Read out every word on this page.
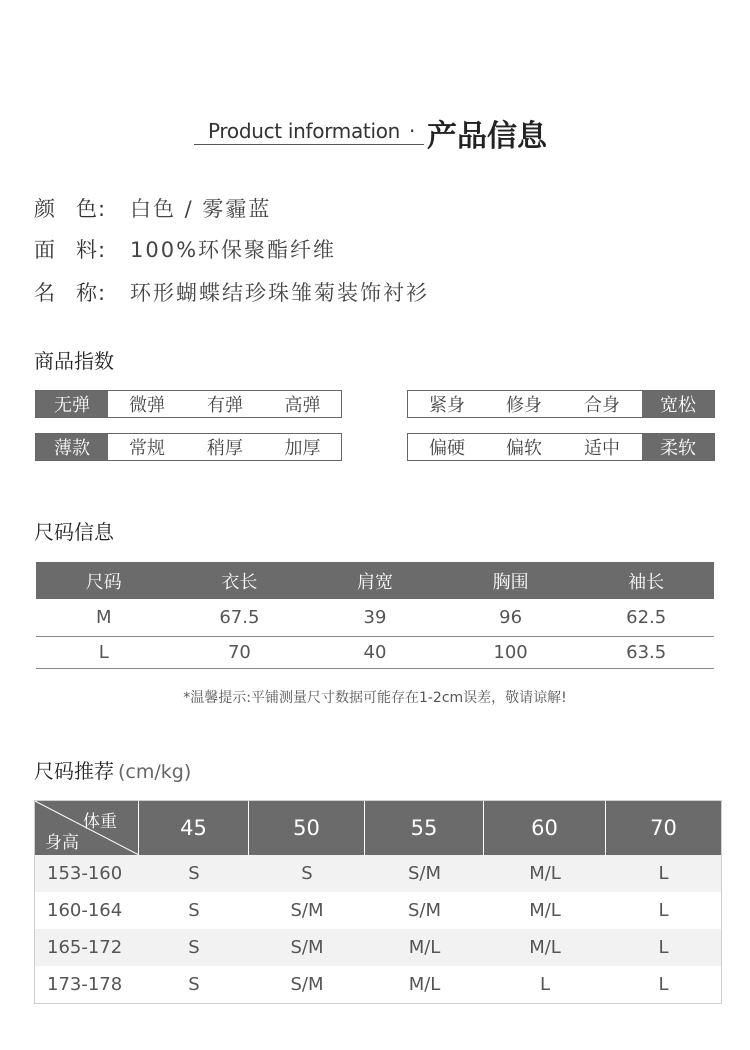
Product information · 产品信息
颜　色: 白色 / 雾霾蓝
面　料: 100%环保聚酯纤维
名　称: 环形蝴蝶结珍珠雏菊装饰衬衫
商品指数
无弹	微弹	有弹	高弹	紧身	修身	合身	宽松
薄款	常规	稍厚	加厚	偏硬	偏软	适中	柔软
尺码信息
尺码	衣长	肩宽	胸围	袖长
M	67.5	39	96	62.5
L	70	40	100	63.5
*温馨提示:平铺测量尺寸数据可能存在1-2cm误差，敬请谅解!
尺码推荐 (cm/kg)
体重
身高
45	50	55	60	70
153-160	S	S	S/M	M/L	L
160-164	S	S/M	S/M	M/L	L
165-172	S	S/M	M/L	M/L	L
173-178	S	S/M	M/L	L	L
